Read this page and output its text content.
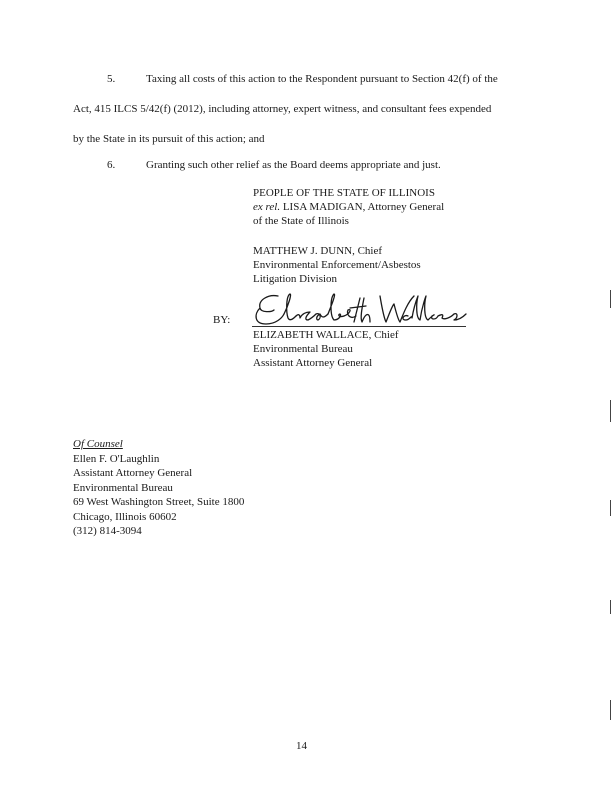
5.	Taxing all costs of this action to the Respondent pursuant to Section 42(f) of the
Act, 415 ILCS 5/42(f) (2012), including attorney, expert witness, and consultant fees expended
by the State in its pursuit of this action; and
6.	Granting such other relief as the Board deems appropriate and just.
PEOPLE OF THE STATE OF ILLINOIS
ex rel. LISA MADIGAN, Attorney General
of the State of Illinois
MATTHEW J. DUNN, Chief
Environmental Enforcement/Asbestos
Litigation Division
BY:
ELIZABETH WALLACE, Chief
Environmental Bureau
Assistant Attorney General
Of Counsel
Ellen F. O'Laughlin
Assistant Attorney General
Environmental Bureau
69 West Washington Street, Suite 1800
Chicago, Illinois 60602
(312) 814-3094
14
